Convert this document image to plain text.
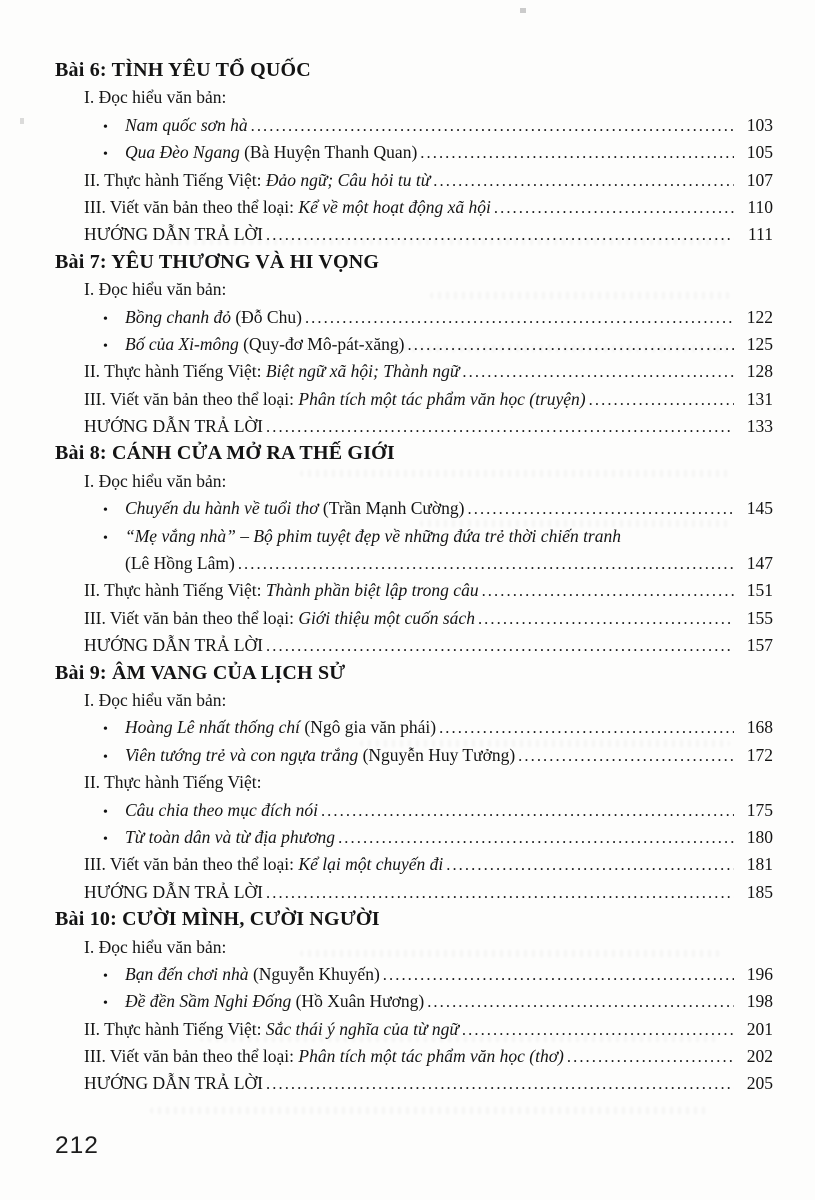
Bài 6: TÌNH YÊU TỔ QUỐC
I. Đọc hiểu văn bản:
• Nam quốc sơn hà .....	103
• Qua Đèo Ngang (Bà Huyện Thanh Quan) .....	105
II. Thực hành Tiếng Việt: Đảo ngữ; Câu hỏi tu từ .....	107
III. Viết văn bản theo thể loại: Kể về một hoạt động xã hội .....	110
HƯỚNG DẪN TRẢ LỜI .....	111
Bài 7: YÊU THƯƠNG VÀ HI VỌNG
I. Đọc hiểu văn bản:
• Bồng chanh đỏ (Đỗ Chu) .....	122
• Bố của Xi-mông (Quy-đơ Mô-pát-xăng) .....	125
II. Thực hành Tiếng Việt: Biệt ngữ xã hội; Thành ngữ .....	128
III. Viết văn bản theo thể loại: Phân tích một tác phẩm văn học (truyện) .....	131
HƯỚNG DẪN TRẢ LỜI .....	133
Bài 8: CÁNH CỬA MỞ RA THẾ GIỚI
I. Đọc hiểu văn bản:
• Chuyến du hành về tuổi thơ (Trần Mạnh Cường) .....	145
• “Mẹ vắng nhà” – Bộ phim tuyệt đẹp về những đứa trẻ thời chiến tranh
(Lê Hồng Lâm) .....	147
II. Thực hành Tiếng Việt: Thành phần biệt lập trong câu .....	151
III. Viết văn bản theo thể loại: Giới thiệu một cuốn sách .....	155
HƯỚNG DẪN TRẢ LỜI .....	157
Bài 9: ÂM VANG CỦA LỊCH SỬ
I. Đọc hiểu văn bản:
• Hoàng Lê nhất thống chí (Ngô gia văn phái) .....	168
• Viên tướng trẻ và con ngựa trắng (Nguyễn Huy Tưởng) .....	172
II. Thực hành Tiếng Việt:
• Câu chia theo mục đích nói .....	175
• Từ toàn dân và từ địa phương .....	180
III. Viết văn bản theo thể loại: Kể lại một chuyến đi .....	181
HƯỚNG DẪN TRẢ LỜI .....	185
Bài 10: CƯỜI MÌNH, CƯỜI NGƯỜI
I. Đọc hiểu văn bản:
• Bạn đến chơi nhà (Nguyễn Khuyến) .....	196
• Đề đền Sầm Nghi Đống (Hồ Xuân Hương) .....	198
II. Thực hành Tiếng Việt: Sắc thái ý nghĩa của từ ngữ .....	201
III. Viết văn bản theo thể loại: Phân tích một tác phẩm văn học (thơ) .....	202
HƯỚNG DẪN TRẢ LỜI .....	205
212
